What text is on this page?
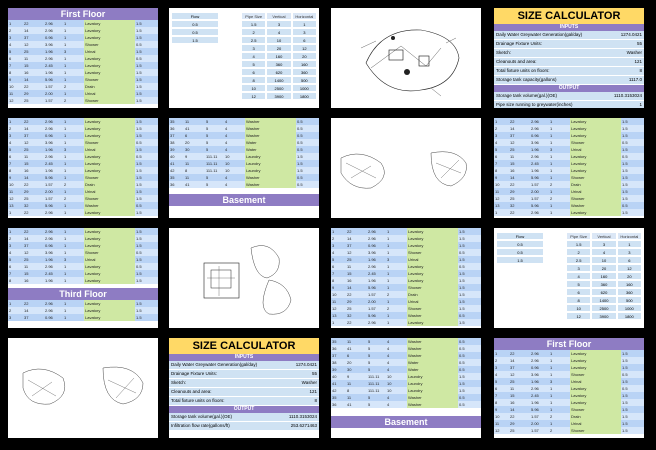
First Floor
1	22	2.96	1	Lavatory	1.5
2	14	2.96	1	Lavatory	1.5
3	37	0.96	1	Lavatory	1.5
4	12	3.96	1	Shower	0.5
5	25	1.96	3	Urinal	1.5
6	11	2.96	1	Lavatory	0.5
7	15	2.45	1	Lavatory	1.5
8	16	1.96	1	Lavatory	1.5
9	14	5.96	1	Shower	1.5
10	22	1.57	2	Drain	1.5
11	29	2.00	1	Urinal	1.5
12	25	1.57	2	Shower	1.5
Flow
0.5
0.5
1.5
Pipe Size	Vertical	Horizontal
1.5	3	1
2	4	3
2.5	10	6
3	20	12
4	160	20
5	360	160
6	620	360
8	1400	500
10	2500	1000
12	3900	1800
SIZE CALCULATOR
INPUTS
Daily Water Greywater Generation(gal/day)	1274.0421
Drainage Fixture Units:	55
Sketch:	Washer
Cleanouts and area:	121
Total fixture units on floors:	8
Storage tank capacity(gallons)	1117.0
OUTPUT
Storage tank volume(gal.)(OE)	1110.3153024
Pipe size running to greywater(inches)	1
1	22	2.96	1	Lavatory	1.5
2	14	2.96	1	Lavatory	1.5
3	37	0.96	1	Lavatory	1.5
4	12	3.96	1	Shower	0.5
5	25	1.96	3	Urinal	1.5
6	11	2.96	1	Lavatory	0.5
7	15	2.45	1	Lavatory	1.5
8	16	1.96	1	Lavatory	1.5
9	14	5.96	1	Shower	1.5
10	22	1.57	2	Drain	1.5
11	29	2.00	1	Urinal	1.5
12	25	1.57	2	Shower	1.5
13	32	5.96	1	Washer	0.5
1	22	2.96	1	Lavatory	1.5
35	11	5	4	Washer	0.5
36	41	5	4	Washer	0.5
37	6	5	4	Washer	0.5
38	20	5	4	Water	0.5
39	30	5	4	Water	0.5
40	9	111.11	10	Laundry	1.5
41	11	111.11	10	Laundry	1.5
42	8	111.11	10	Laundry	1.5
35	11	5	4	Washer	0.5
36	41	5	4	Washer	0.5
Basement
1	22	2.96	1	Lavatory	1.5
2	14	2.96	1	Lavatory	1.5
3	37	0.96	1	Lavatory	1.5
4	12	3.96	1	Shower	0.5
5	25	1.96	3	Urinal	1.5
6	11	2.96	1	Lavatory	0.5
7	15	2.45	1	Lavatory	1.5
8	16	1.96	1	Lavatory	1.5
9	14	5.96	1	Shower	1.5
10	22	1.57	2	Drain	1.5
11	29	2.00	1	Urinal	1.5
12	25	1.57	2	Shower	1.5
13	32	5.96	1	Washer	0.5
1	22	2.96	1	Lavatory	1.5
1	22	2.96	1	Lavatory	1.5
2	14	2.96	1	Lavatory	1.5
3	37	0.96	1	Lavatory	1.5
4	12	3.96	1	Shower	0.5
5	25	1.96	3	Urinal	1.5
6	11	2.96	1	Lavatory	0.5
7	15	2.45	1	Lavatory	1.5
8	16	1.96	1	Lavatory	1.5
Third Floor
1	22	2.96	1	Lavatory	1.5
2	14	2.96	1	Lavatory	1.5
3	37	0.96	1	Lavatory	1.5
1	22	2.96	1	Lavatory	1.5
2	14	2.96	1	Lavatory	1.5
3	37	0.96	1	Lavatory	1.5
4	12	3.96	1	Shower	0.5
5	25	1.96	3	Urinal	1.5
6	11	2.96	1	Lavatory	0.5
7	15	2.45	1	Lavatory	1.5
8	16	1.96	1	Lavatory	1.5
9	14	5.96	1	Shower	1.5
10	22	1.57	2	Drain	1.5
11	29	2.00	1	Urinal	1.5
12	25	1.57	2	Shower	1.5
13	32	5.96	1	Washer	0.5
1	22	2.96	1	Lavatory	1.5
Flow
0.5
0.5
1.5
Pipe Size	Vertical	Horizontal
1.5	3	1
2	4	3
2.5	10	6
3	20	12
4	160	20
5	360	160
6	620	360
8	1400	500
10	2500	1000
12	3900	1800
SIZE CALCULATOR
INPUTS
Daily Water Greywater Generation(gal/day)	1274.0421
Drainage Fixture Units:	55
Sketch:	Washer
Cleanouts and area:	121
Total fixture units on floors:	8
OUTPUT
Storage tank volume(gal.)(OE)	1110.3153024
Infiltration flow rate(gallons/ft)	253.6271463
35	11	5	4	Washer	0.5
36	41	5	4	Washer	0.5
37	6	5	4	Washer	0.5
38	20	5	4	Water	0.5
39	30	5	4	Water	0.5
40	9	111.11	10	Laundry	1.5
41	11	111.11	10	Laundry	1.5
42	8	111.11	10	Laundry	1.5
35	11	5	4	Washer	0.5
36	41	5	4	Washer	0.5
Basement
First Floor
1	22	2.96	1	Lavatory	1.5
2	14	2.96	1	Lavatory	1.5
3	37	0.96	1	Lavatory	1.5
4	12	3.96	1	Shower	0.5
5	25	1.96	3	Urinal	1.5
6	11	2.96	1	Lavatory	0.5
7	15	2.45	1	Lavatory	1.5
8	16	1.96	1	Lavatory	1.5
9	14	5.96	1	Shower	1.5
10	22	1.57	2	Drain	1.5
11	29	2.00	1	Urinal	1.5
12	25	1.57	2	Shower	1.5
